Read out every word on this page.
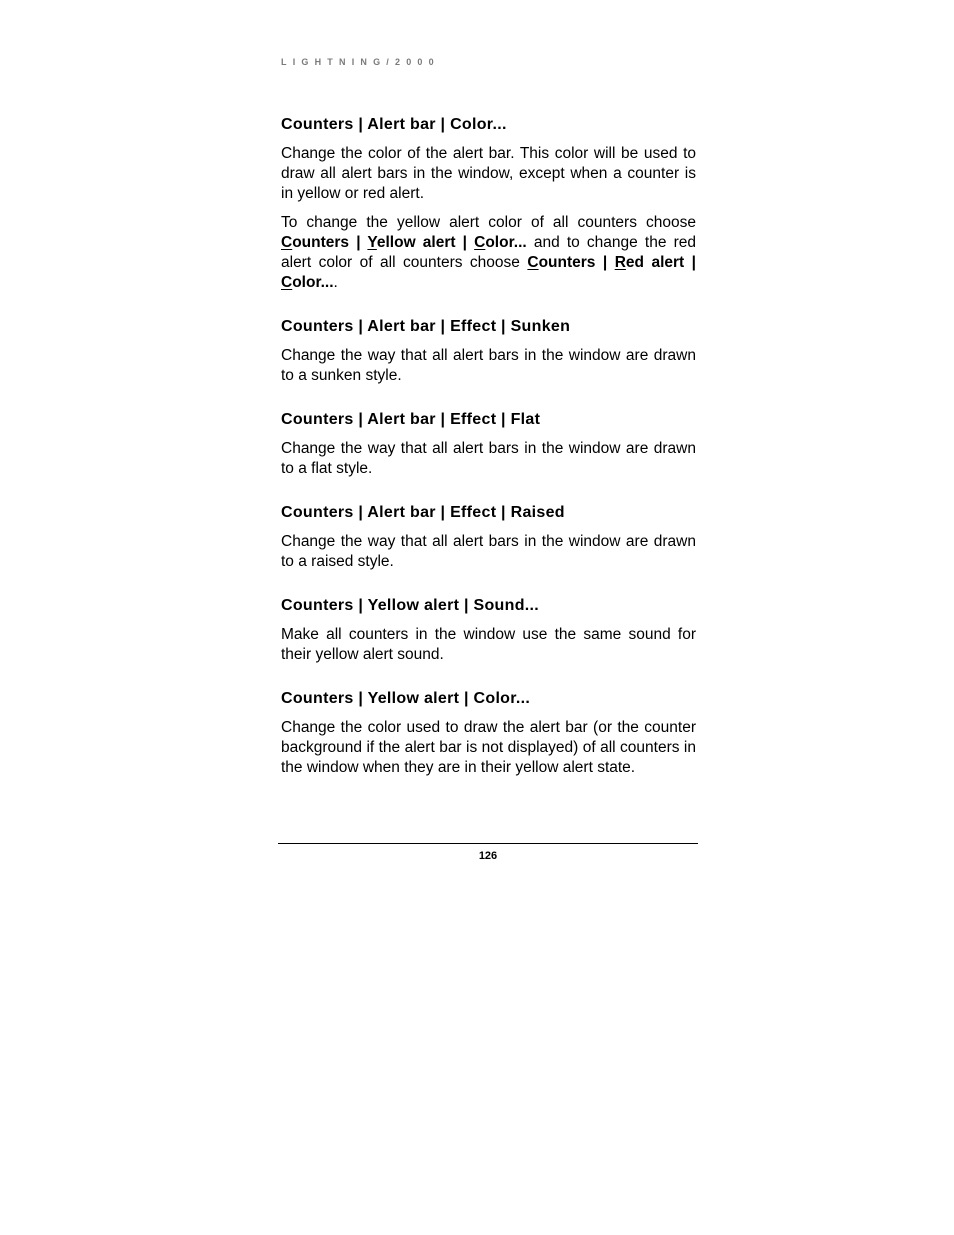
LIGHTNING/2000
Counters | Alert bar | Color...

Change the color of the alert bar. This color will be used to draw all alert bars in the window, except when a counter is in yellow or red alert.

To change the yellow alert color of all counters choose Counters | Yellow alert | Color... and to change the red alert color of all counters choose Counters | Red alert | Color....

Counters | Alert bar | Effect | Sunken

Change the way that all alert bars in the window are drawn to a sunken style.

Counters | Alert bar | Effect | Flat

Change the way that all alert bars in the window are drawn to a flat style.

Counters | Alert bar | Effect | Raised

Change the way that all alert bars in the window are drawn to a raised style.

Counters | Yellow alert | Sound...

Make all counters in the window use the same sound for their yellow alert sound.

Counters | Yellow alert | Color...

Change the color used to draw the alert bar (or the counter background if the alert bar is not displayed) of all counters in the window when they are in their yellow alert state.

126
